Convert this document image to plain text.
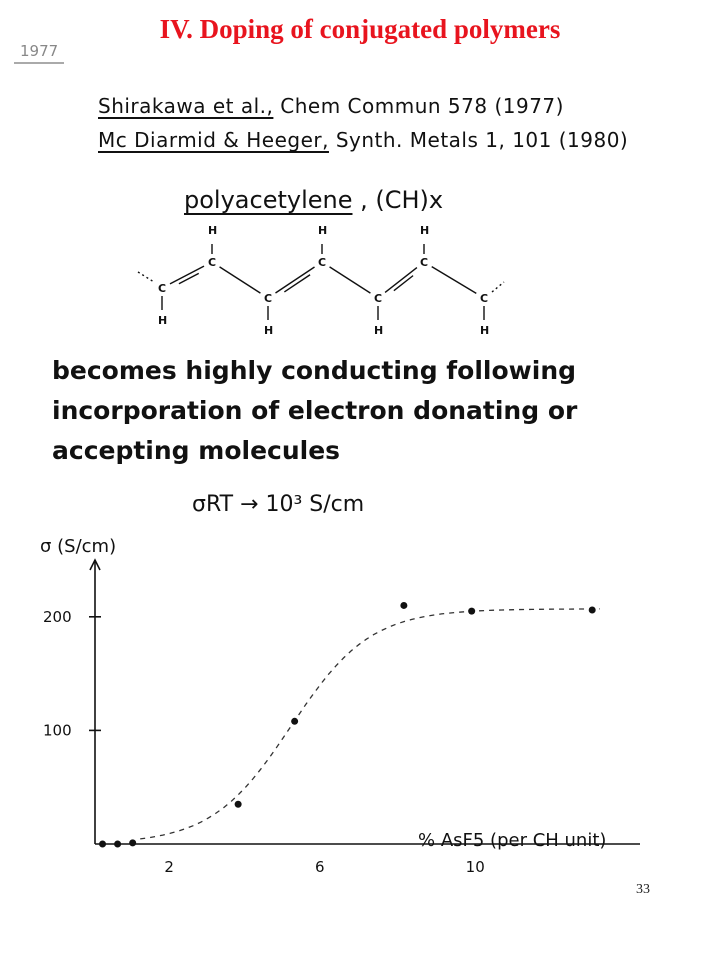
IV. Doping of conjugated polymers
1977
Shirakawa et al., Chem Commun 578 (1977)
Mc Diarmid & Heeger, Synth. Metals 1, 101 (1980)
polyacetylene , (CH)x
C
H
C
H
C
H
C
H
C
H
C
H
C
H
becomes highly conducting following
incorporation of electron donating or
accepting molecules
σRT → 10³ S/cm
100
200
2	6	10
σ (S/cm)
% AsF5 (per CH unit)
33
